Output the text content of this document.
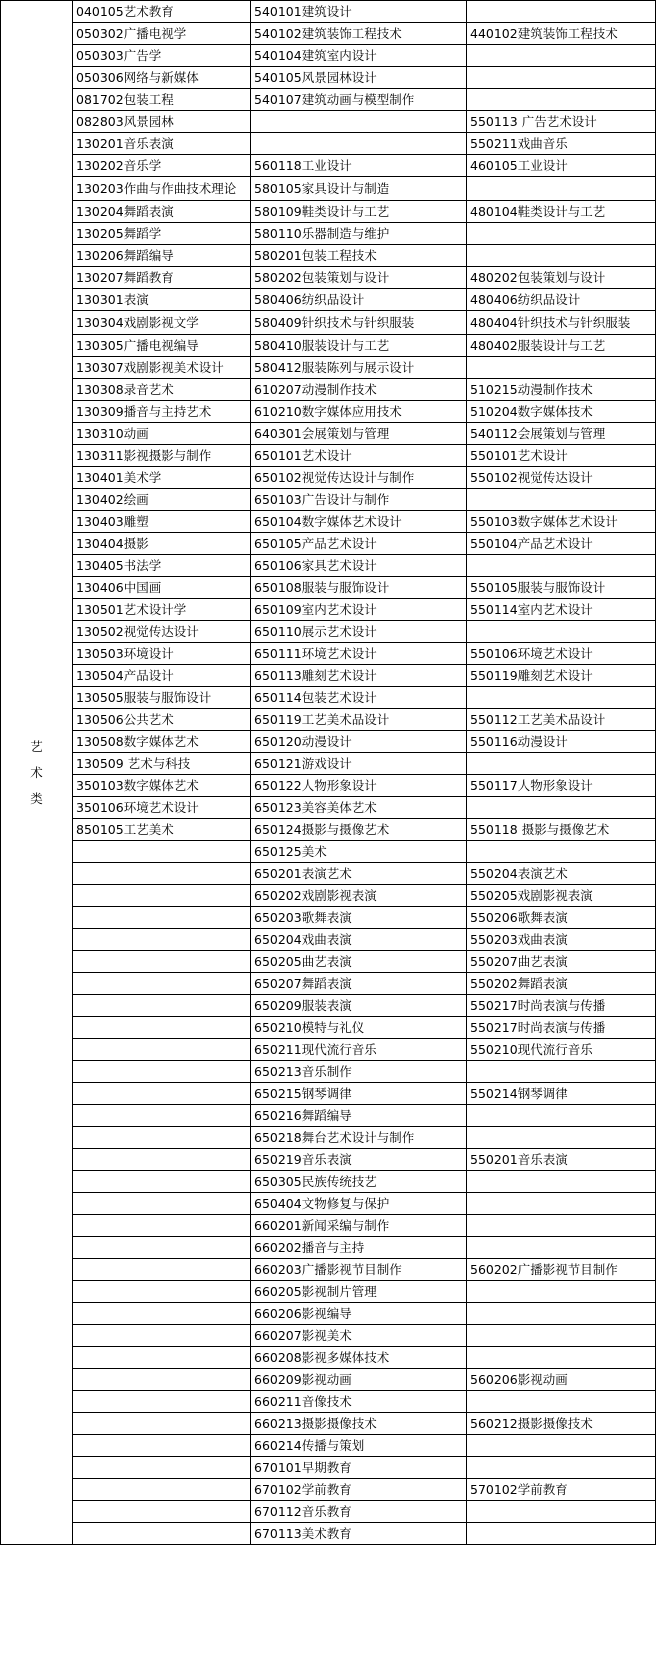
艺术类	040105艺术教育	540101建筑设计	
	050302广播电视学	540102建筑装饰工程技术	440102建筑装饰工程技术
	050303广告学	540104建筑室内设计	
	050306网络与新媒体	540105风景园林设计	
	081702包装工程	540107建筑动画与模型制作	
	082803风景园林		550113 广告艺术设计
	130201音乐表演		550211戏曲音乐
	130202音乐学	560118工业设计	460105工业设计
	130203作曲与作曲技术理论	580105家具设计与制造	
	130204舞蹈表演	580109鞋类设计与工艺	480104鞋类设计与工艺
	130205舞蹈学	580110乐器制造与维护	
	130206舞蹈编导	580201包装工程技术	
	130207舞蹈教育	580202包装策划与设计	480202包装策划与设计
	130301表演	580406纺织品设计	480406纺织品设计
	130304戏剧影视文学	580409针织技术与针织服装	480404针织技术与针织服装
	130305广播电视编导	580410服装设计与工艺	480402服装设计与工艺
	130307戏剧影视美术设计	580412服装陈列与展示设计	
	130308录音艺术	610207动漫制作技术	510215动漫制作技术
	130309播音与主持艺术	610210数字媒体应用技术	510204数字媒体技术
	130310动画	640301会展策划与管理	540112会展策划与管理
	130311影视摄影与制作	650101艺术设计	550101艺术设计
	130401美术学	650102视觉传达设计与制作	550102视觉传达设计
	130402绘画	650103广告设计与制作	
	130403雕塑	650104数字媒体艺术设计	550103数字媒体艺术设计
	130404摄影	650105产品艺术设计	550104产品艺术设计
	130405书法学	650106家具艺术设计	
	130406中国画	650108服装与服饰设计	550105服装与服饰设计
	130501艺术设计学	650109室内艺术设计	550114室内艺术设计
	130502视觉传达设计	650110展示艺术设计	
	130503环境设计	650111环境艺术设计	550106环境艺术设计
	130504产品设计	650113雕刻艺术设计	550119雕刻艺术设计
	130505服装与服饰设计	650114包装艺术设计	
	130506公共艺术	650119工艺美术品设计	550112工艺美术品设计
	130508数字媒体艺术	650120动漫设计	550116动漫设计
	130509 艺术与科技	650121游戏设计	
	350103数字媒体艺术	650122人物形象设计	550117人物形象设计
	350106环境艺术设计	650123美容美体艺术	
	850105工艺美术	650124摄影与摄像艺术	550118 摄影与摄像艺术
		650125美术	
		650201表演艺术	550204表演艺术
		650202戏剧影视表演	550205戏剧影视表演
		650203歌舞表演	550206歌舞表演
		650204戏曲表演	550203戏曲表演
		650205曲艺表演	550207曲艺表演
		650207舞蹈表演	550202舞蹈表演
		650209服装表演	550217时尚表演与传播
		650210模特与礼仪	550217时尚表演与传播
		650211现代流行音乐	550210现代流行音乐
		650213音乐制作	
		650215钢琴调律	550214钢琴调律
		650216舞蹈编导	
		650218舞台艺术设计与制作	
		650219音乐表演	550201音乐表演
		650305民族传统技艺	
		650404文物修复与保护	
		660201新闻采编与制作	
		660202播音与主持	
		660203广播影视节目制作	560202广播影视节目制作
		660205影视制片管理	
		660206影视编导	
		660207影视美术	
		660208影视多媒体技术	
		660209影视动画	560206影视动画
		660211音像技术	
		660213摄影摄像技术	560212摄影摄像技术
		660214传播与策划	
		670101早期教育	
		670102学前教育	570102学前教育
		670112音乐教育	
		670113美术教育	
